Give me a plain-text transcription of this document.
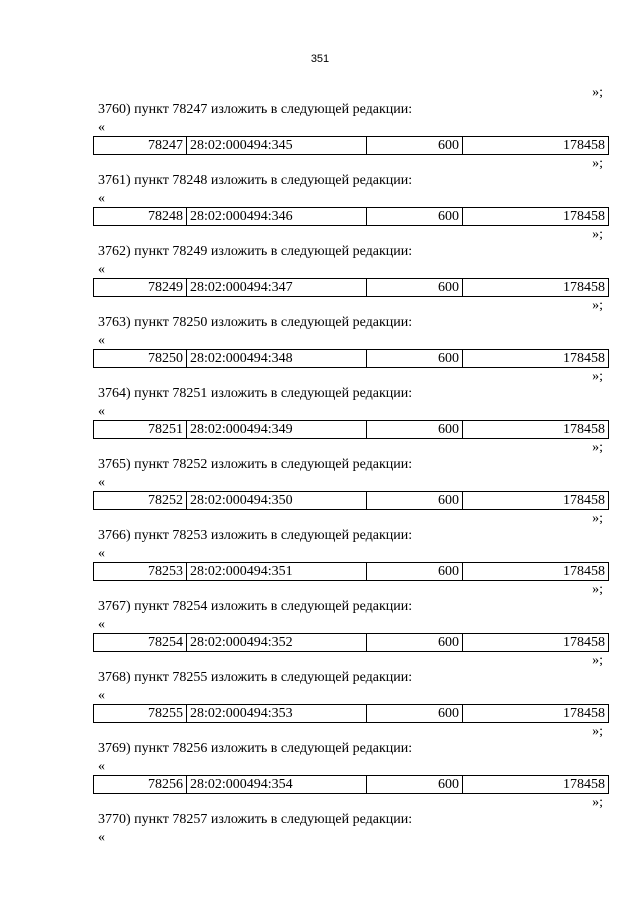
351
»;
3760) пункт 78247 изложить в следующей редакции:
«
78247	28:02:000494:345	600	178458
»;
3761) пункт 78248 изложить в следующей редакции:
«
78248	28:02:000494:346	600	178458
»;
3762) пункт 78249 изложить в следующей редакции:
«
78249	28:02:000494:347	600	178458
»;
3763) пункт 78250 изложить в следующей редакции:
«
78250	28:02:000494:348	600	178458
»;
3764) пункт 78251 изложить в следующей редакции:
«
78251	28:02:000494:349	600	178458
»;
3765) пункт 78252 изложить в следующей редакции:
«
78252	28:02:000494:350	600	178458
»;
3766) пункт 78253 изложить в следующей редакции:
«
78253	28:02:000494:351	600	178458
»;
3767) пункт 78254 изложить в следующей редакции:
«
78254	28:02:000494:352	600	178458
»;
3768) пункт 78255 изложить в следующей редакции:
«
78255	28:02:000494:353	600	178458
»;
3769) пункт 78256 изложить в следующей редакции:
«
78256	28:02:000494:354	600	178458
»;
3770) пункт 78257 изложить в следующей редакции:
«
